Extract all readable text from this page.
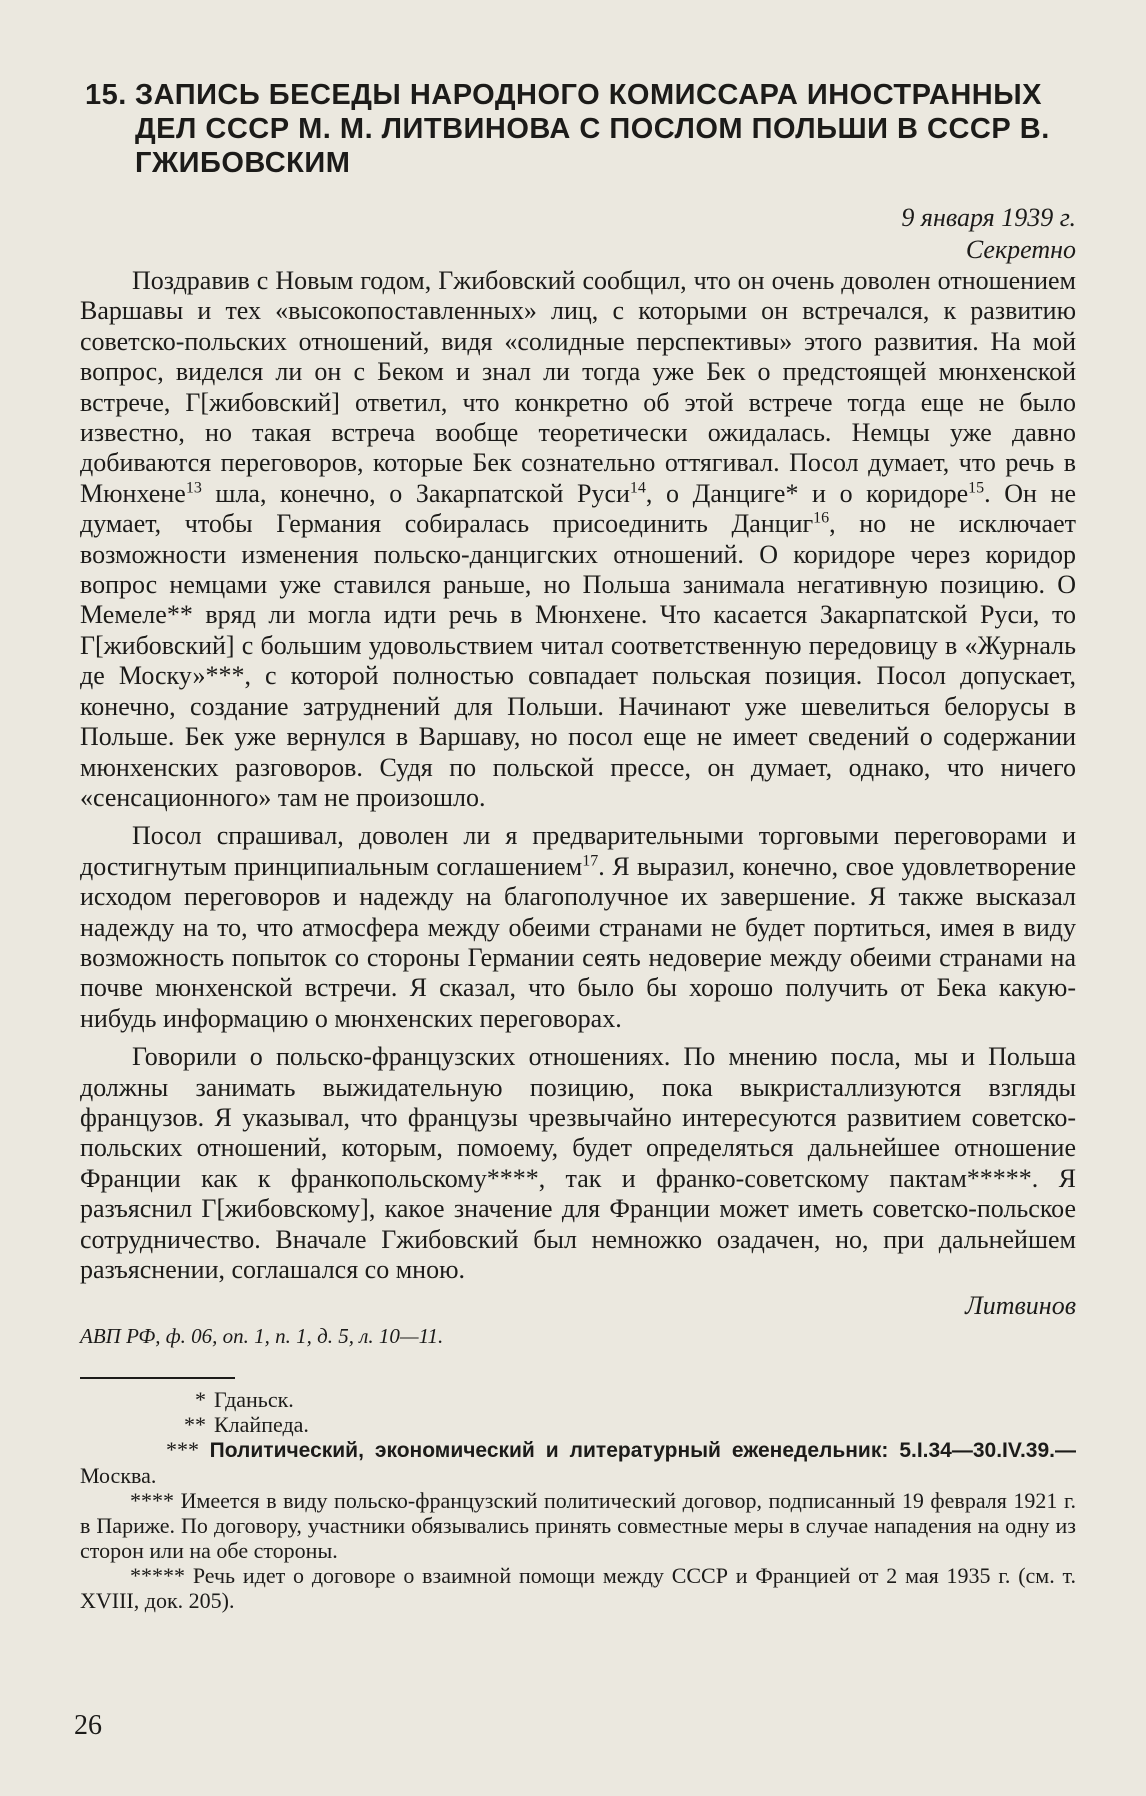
15. ЗАПИСЬ БЕСЕДЫ НАРОДНОГО КОМИССАРА ИНОСТРАННЫХ ДЕЛ СССР М. М. ЛИТВИНОВА С ПОСЛОМ ПОЛЬШИ В СССР В. ГЖИБОВСКИМ
9 января 1939 г.
Секретно

Поздравив с Новым годом, Гжибовский сообщил, что он очень доволен отношением Варшавы и тех «высокопоставленных» лиц, с которыми он встречался, к развитию советско-польских отношений, видя «солидные перспективы» этого развития. На мой вопрос, виделся ли он с Беком и знал ли тогда уже Бек о предстоящей мюнхенской встрече, Г[жибовский] ответил, что конкретно об этой встрече тогда еще не было известно, но такая встреча вообще теоретически ожидалась. Немцы уже давно добиваются переговоров, которые Бек сознательно оттягивал. Посол думает, что речь в Мюнхене$^{13}$ шла, конечно, о Закарпатской Руси$^{14}$, о Данциге* и о коридоре$^{15}$. Он не думает, чтобы Германия собиралась присоединить Данциг$^{16}$, но не исключает возможности изменения польско-данцигских отношений. О коридоре через коридор вопрос немцами уже ставился раньше, но Польша занимала негативную позицию. О Мемеле** вряд ли могла идти речь в Мюнхене. Что касается Закарпатской Руси, то Г[жибовский] с большим удовольствием читал соответственную передовицу в «Журналь де Моску»***, с которой полностью совпадает польская позиция. Посол допускает, конечно, создание затруднений для Польши. Начинают уже шевелиться белорусы в Польше. Бек уже вернулся в Варшаву, но посол еще не имеет сведений о содержании мюнхенских разговоров. Судя по польской прессе, он думает, однако, что ничего «сенсационного» там не произошло.

Посол спрашивал, доволен ли я предварительными торговыми переговорами и достигнутым принципиальным соглашением$^{17}$. Я выразил, конечно, свое удовлетворение исходом переговоров и надежду на благополучное их завершение. Я также высказал надежду на то, что атмосфера между обеими странами не будет портиться, имея в виду возможность попыток со стороны Германии сеять недоверие между обеими странами на почве мюнхенской встречи. Я сказал, что было бы хорошо получить от Бека какую-нибудь информацию о мюнхенских переговорах.

Говорили о польско-французских отношениях. По мнению посла, мы и Польша должны занимать выжидательную позицию, пока выкристаллизуются взгляды французов. Я указывал, что французы чрезвычайно интересуются развитием советско-польских отношений, которым, помоему, будет определяться дальнейшее отношение Франции как к франкопольскому****, так и франко-советскому пактам*****. Я разъяснил Г[жибовскому], какое значение для Франции может иметь советско-польское сотрудничество. Вначале Гжибовский был немножко озадачен, но, при дальнейшем разъяснении, соглашался со мною.

Литвинов
АВП РФ, ф. 06, оп. 1, п. 1, д. 5, л. 10—11.

* Гданьск.

** Клайпеда.

*** Политический, экономический и литературный еженедельник: 5.I.34—30.IV.39.— Москва.

**** Имеется в виду польско-французский политический договор, подписанный 19 февраля 1921 г. в Париже. По договору, участники обязывались принять совместные меры в случае нападения на одну из сторон или на обе стороны.

***** Речь идет о договоре о взаимной помощи между СССР и Францией от 2 мая 1935 г. (см. т. XVIII, док. 205).

26
